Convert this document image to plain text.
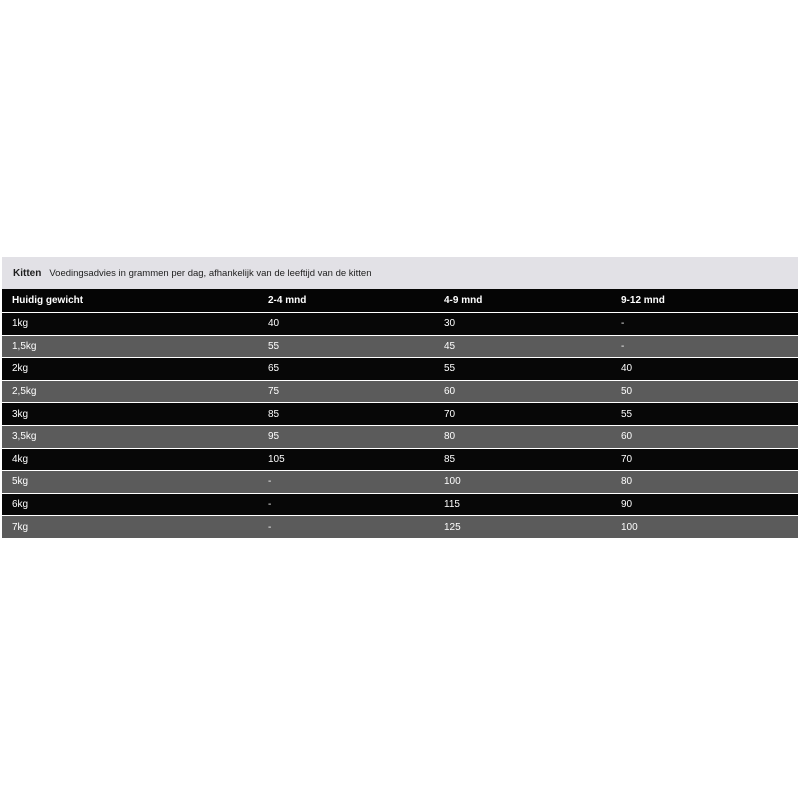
Kitten Voedingsadvies in grammen per dag, afhankelijk van de leeftijd van de kitten
Huidig gewicht	2-4 mnd	4-9 mnd	9-12 mnd
1kg	40	30	-
1,5kg	55	45	-
2kg	65	55	40
2,5kg	75	60	50
3kg	85	70	55
3,5kg	95	80	60
4kg	105	85	70
5kg	-	100	80
6kg	-	115	90
7kg	-	125	100
